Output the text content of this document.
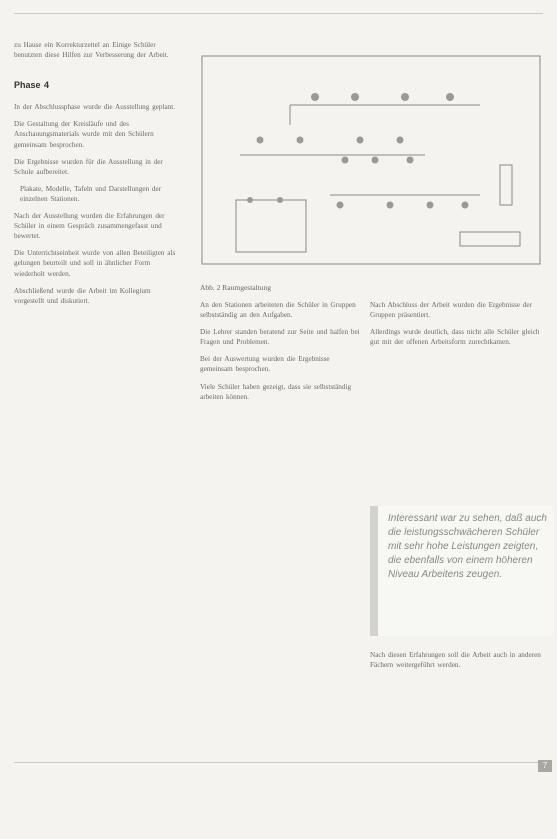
zu Hause ein Korrekturzettel an Einige Schüler benutzten diese Hilfen zur Verbesserung der Arbeit.

Phase 4

In der Abschlussphase wurde die Ausstellung geplant.

Die Gestaltung der Kreisläufe und des Anschauungsmaterials wurde mit den Schülern gemeinsam besprochen.

Die Ergebnisse wurden für die Ausstellung in der Schule aufbereitet.

Plakate, Modelle, Tafeln und Darstellungen der einzelnen Stationen.

Nach der Ausstellung wurden die Erfahrungen der Schüler in einem Gespräch zusammengefasst und bewertet.

Die Unterrichtseinheit wurde von allen Beteiligten als gelungen beurteilt und soll in ähnlicher Form wiederholt werden.

Abschließend wurde die Arbeit im Kollegium vorgestellt und diskutiert.

Abb. 2 Raumgestaltung

An den Stationen arbeiteten die Schüler in Gruppen selbstständig an den Aufgaben.

Die Lehrer standen beratend zur Seite und halfen bei Fragen und Problemen.

Bei der Auswertung wurden die Ergebnisse gemeinsam besprochen.

Viele Schüler haben gezeigt, dass sie selbstständig arbeiten können.

Nach Abschluss der Arbeit wurden die Ergebnisse der Gruppen präsentiert.

Allerdings wurde deutlich, dass nicht alle Schüler gleich gut mit der offenen Arbeitsform zurechtkamen.

Interessant war zu sehen, daß auch die leistungsschwächeren Schüler mit sehr hohe Leistungen zeigten, die ebenfalls von einem höheren Niveau Arbeitens zeugen.

Nach diesen Erfahrungen soll die Arbeit auch in anderen Fächern weitergeführt werden.

7
